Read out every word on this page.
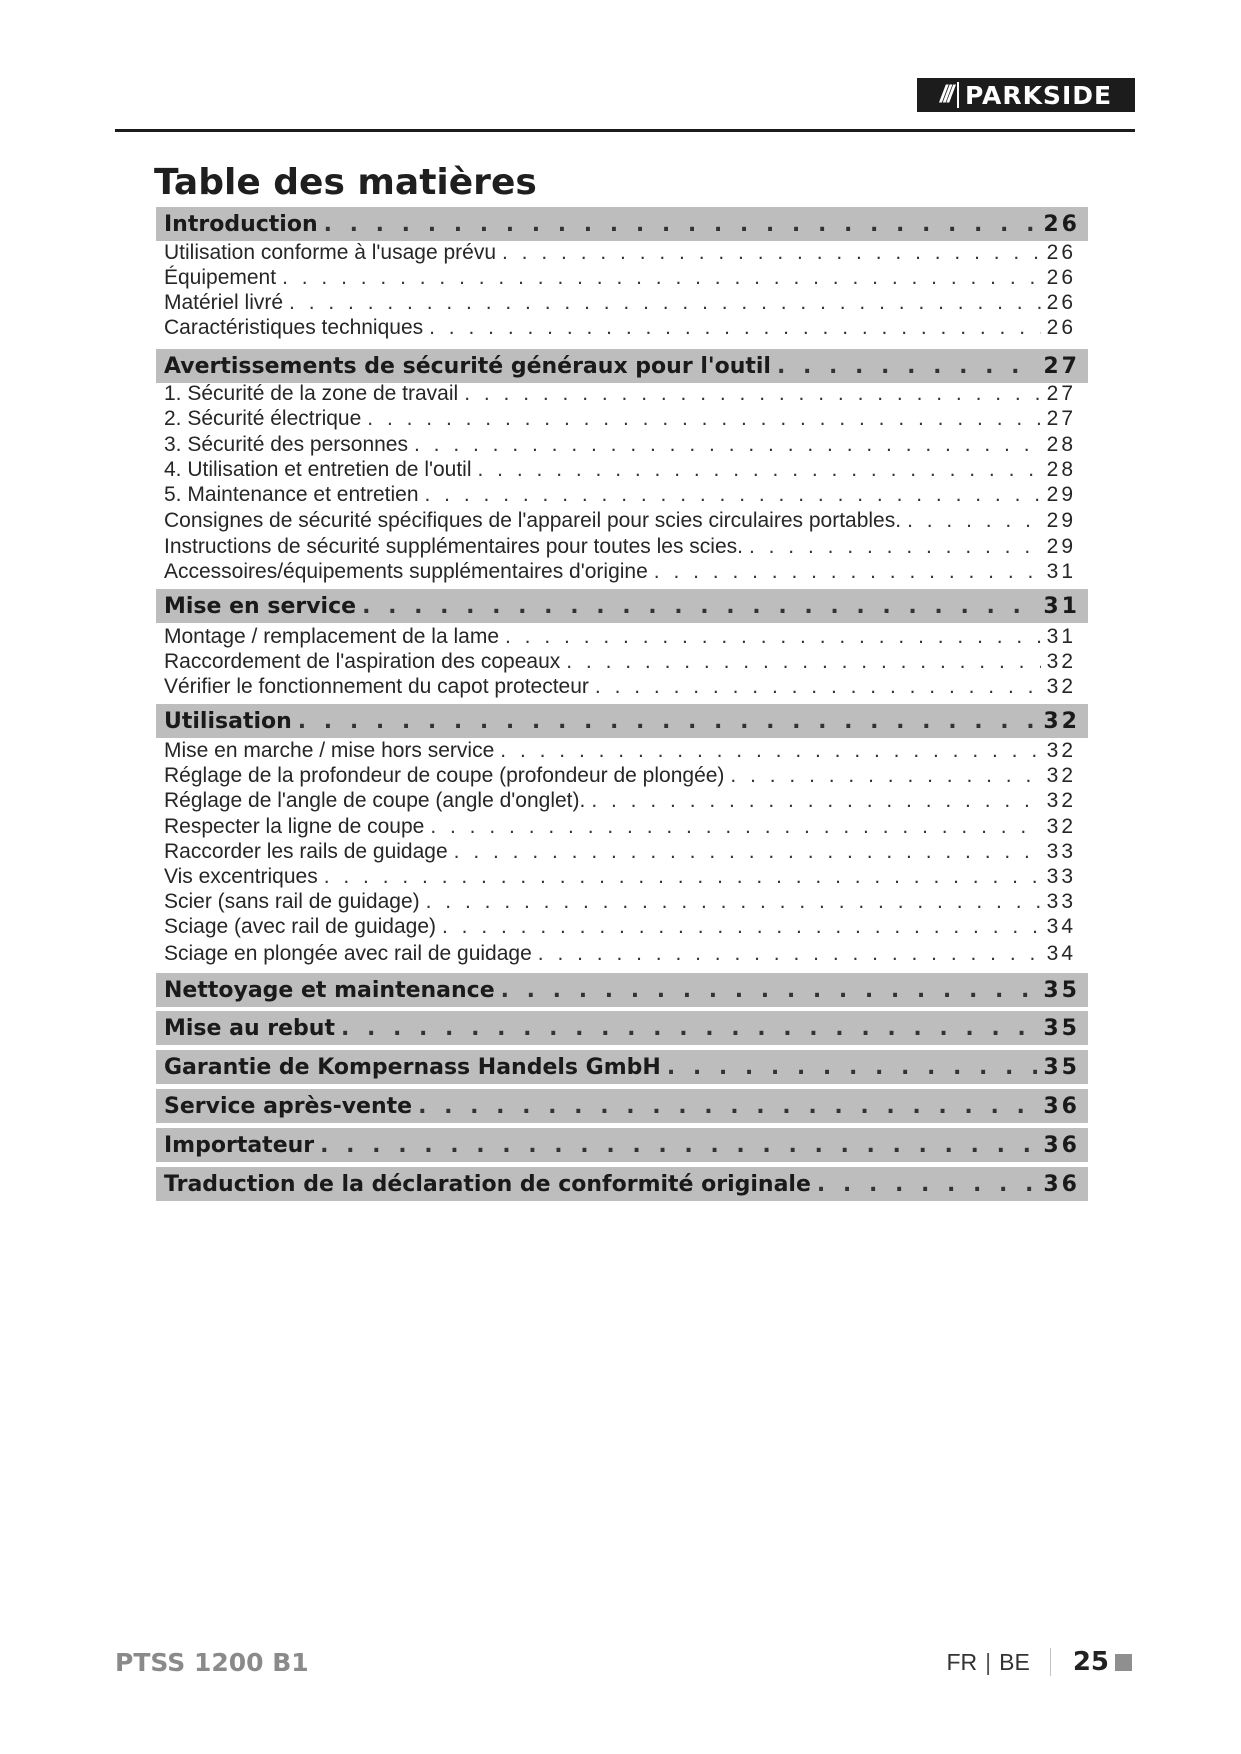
/// PARKSIDE
Table des matières
Introduction . . .	26
Utilisation conforme à l'usage prévu . . .	26
Équipement . . .	26
Matériel livré . . .	26
Caractéristiques techniques . . .	26
Avertissements de sécurité généraux pour l'outil . . .	27
1. Sécurité de la zone de travail . . .	27
2. Sécurité électrique . . .	27
3. Sécurité des personnes . . .	28
4. Utilisation et entretien de l'outil . . .	28
5. Maintenance et entretien . . .	29
Consignes de sécurité spécifiques de l'appareil pour scies circulaires portables. . . .	29
Instructions de sécurité supplémentaires pour toutes les scies. . . .	29
Accessoires/équipements supplémentaires d'origine . . .	31
Mise en service . . .	31
Montage / remplacement de la lame . . .	31
Raccordement de l'aspiration des copeaux . . .	32
Vérifier le fonctionnement du capot protecteur . . .	32
Utilisation . . .	32
Mise en marche / mise hors service . . .	32
Réglage de la profondeur de coupe (profondeur de plongée) . . .	32
Réglage de l'angle de coupe (angle d'onglet). . . .	32
Respecter la ligne de coupe . . .	32
Raccorder les rails de guidage . . .	33
Vis excentriques . . .	33
Scier (sans rail de guidage) . . .	33
Sciage (avec rail de guidage) . . .	34
Sciage en plongée avec rail de guidage . . .	34
Nettoyage et maintenance . . .	35
Mise au rebut . . .	35
Garantie de Kompernass Handels GmbH . . .	35
Service après-vente . . .	36
Importateur . . .	36
Traduction de la déclaration de conformité originale . . .	36
PTSS 1200 B1	FR | BE 25
